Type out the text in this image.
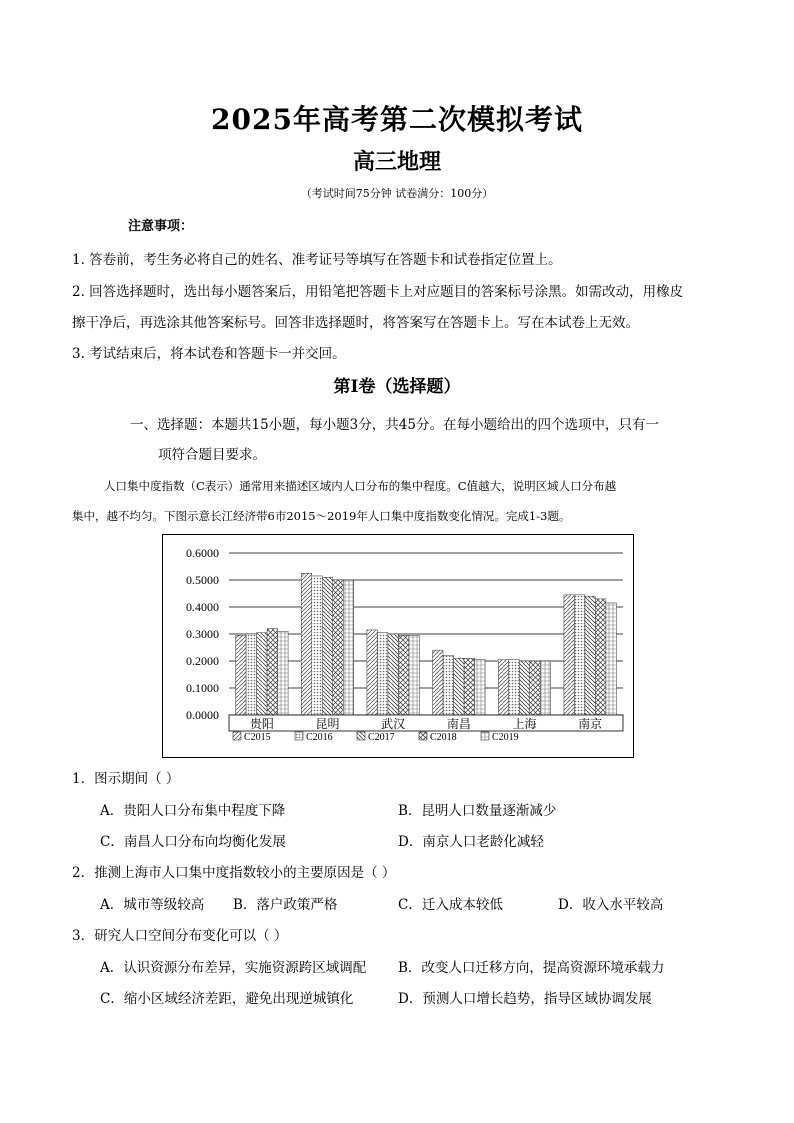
2025年高考第二次模拟考试
高三地理
（考试时间75分钟 试卷满分：100分）
注意事项：
1. 答卷前，考生务必将自己的姓名、准考证号等填写在答题卡和试卷指定位置上。
2. 回答选择题时，选出每小题答案后，用铅笔把答题卡上对应题目的答案标号涂黑。如需改动，用橡皮
擦干净后，再选涂其他答案标号。回答非选择题时，将答案写在答题卡上。写在本试卷上无效。
3. 考试结束后，将本试卷和答题卡一并交回。
第Ⅰ卷（选择题）
一、选择题：本题共15小题，每小题3分，共45分。在每小题给出的四个选项中，只有一
项符合题目要求。
人口集中度指数（C表示）通常用来描述区域内人口分布的集中程度。C值越大，说明区域人口分布越
集中，越不均匀。下图示意长江经济带6市2015～2019年人口集中度指数变化情况。完成1-3题。
0.0000
0.1000
0.2000
0.3000
0.4000
0.5000
0.6000
贵阳	昆明	武汉	南昌	上海	南京
C2015	C2016	C2017	C2018	C2019
1．图示期间（ ）
A．贵阳人口分布集中程度下降	B．昆明人口数量逐渐减少
C．南昌人口分布向均衡化发展	D．南京人口老龄化减轻
2．推测上海市人口集中度指数较小的主要原因是（ ）
A．城市等级较高 B．落户政策严格	C．迁入成本较低	D．收入水平较高
3．研究人口空间分布变化可以（ ）
A．认识资源分布差异，实施资源跨区域调配 B．改变人口迁移方向，提高资源环境承载力
C．缩小区域经济差距，避免出现逆城镇化	D．预测人口增长趋势，指导区域协调发展
